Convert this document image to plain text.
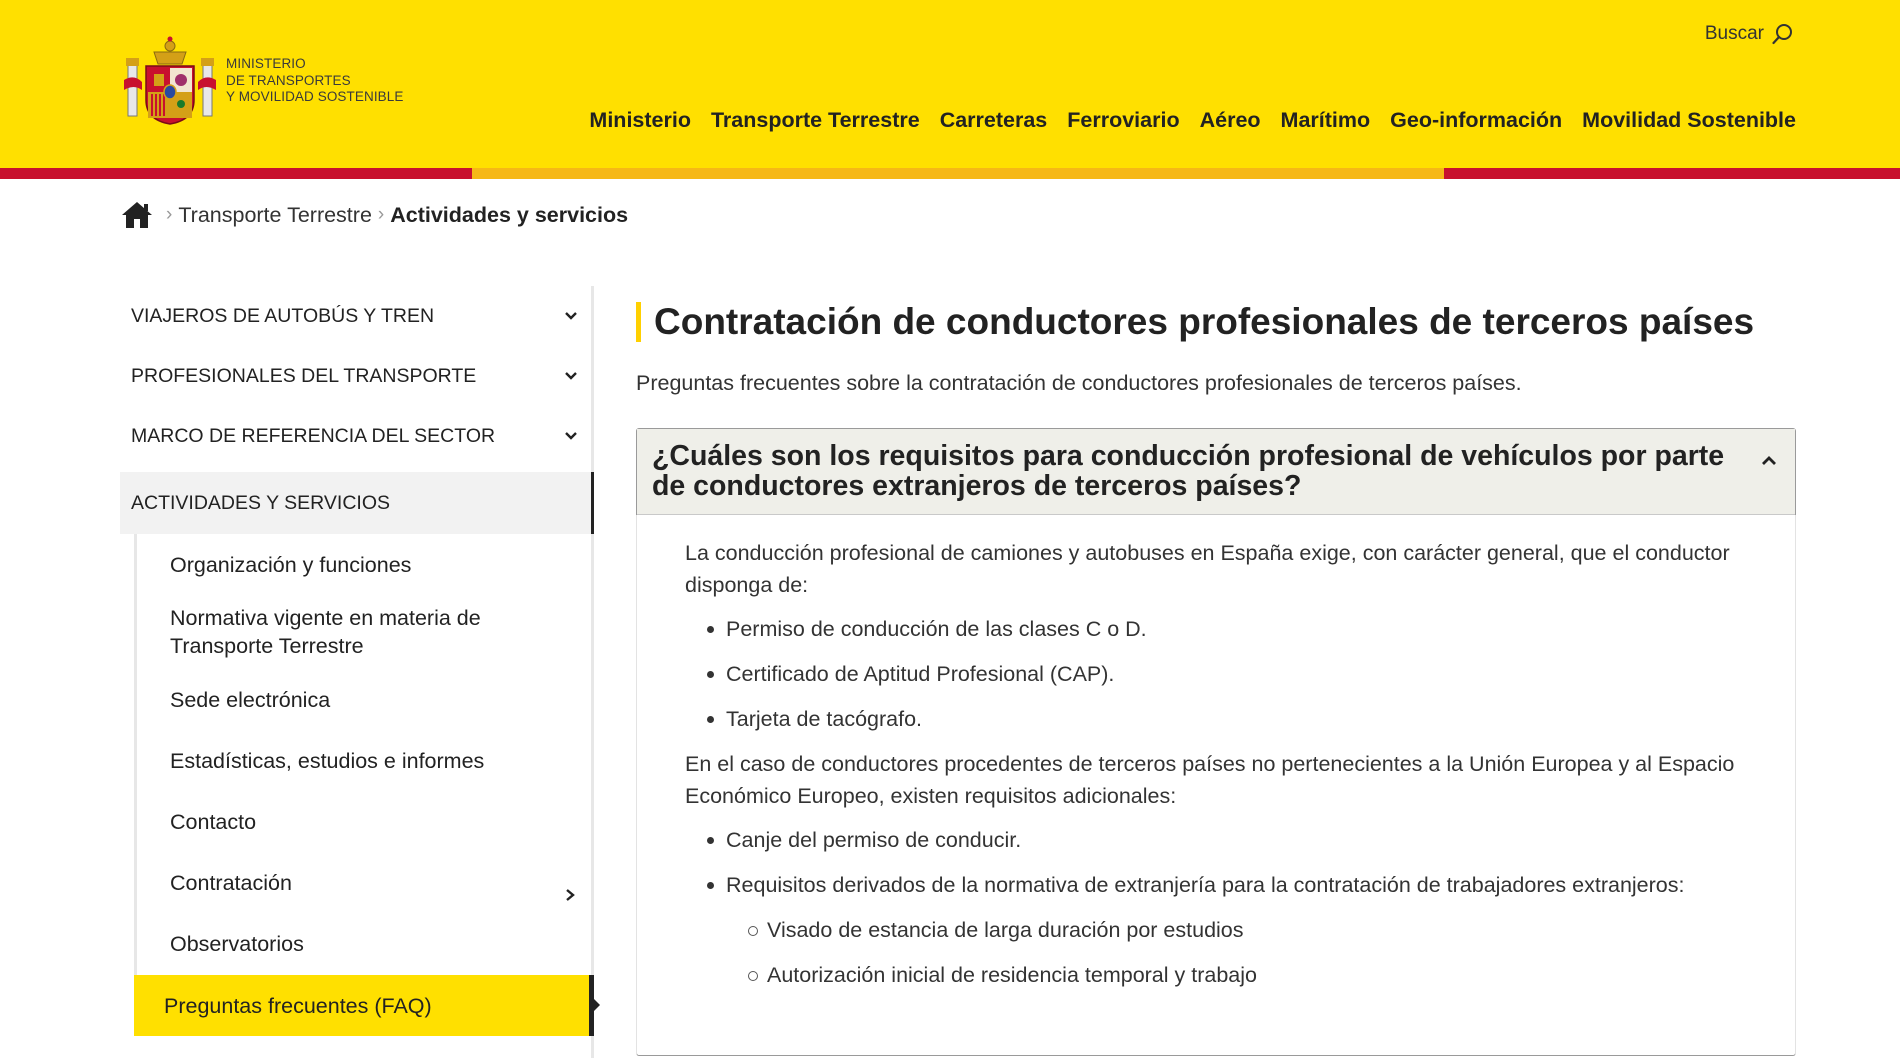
MINISTERIO
DE TRANSPORTES
Y MOVILIDAD SOSTENIBLE
Buscar
Ministerio Transporte Terrestre Carreteras Ferroviario Aéreo Marítimo Geo-información Movilidad Sostenible
› Transporte Terrestre › Actividades y servicios
VIAJEROS DE AUTOBÚS Y TREN
PROFESIONALES DEL TRANSPORTE
MARCO DE REFERENCIA DEL SECTOR
ACTIVIDADES Y SERVICIOS
Organización y funciones
Normativa vigente en materia de Transporte Terrestre
Sede electrónica
Estadísticas, estudios e informes
Contacto
Contratación
Observatorios
Preguntas frecuentes (FAQ)
Contratación de conductores profesionales de terceros países

Preguntas frecuentes sobre la contratación de conductores profesionales de terceros países.

¿Cuáles son los requisitos para conducción profesional de vehículos por parte de conductores extranjeros de terceros países?

La conducción profesional de camiones y autobuses en España exige, con carácter general, que el conductor disponga de:

Permiso de conducción de las clases C o D.
Certificado de Aptitud Profesional (CAP).
Tarjeta de tacógrafo.

En el caso de conductores procedentes de terceros países no pertenecientes a la Unión Europea y al Espacio Económico Europeo, existen requisitos adicionales:

Canje del permiso de conducir.
Requisitos derivados de la normativa de extranjería para la contratación de trabajadores extranjeros:
Visado de estancia de larga duración por estudios
Autorización inicial de residencia temporal y trabajo
